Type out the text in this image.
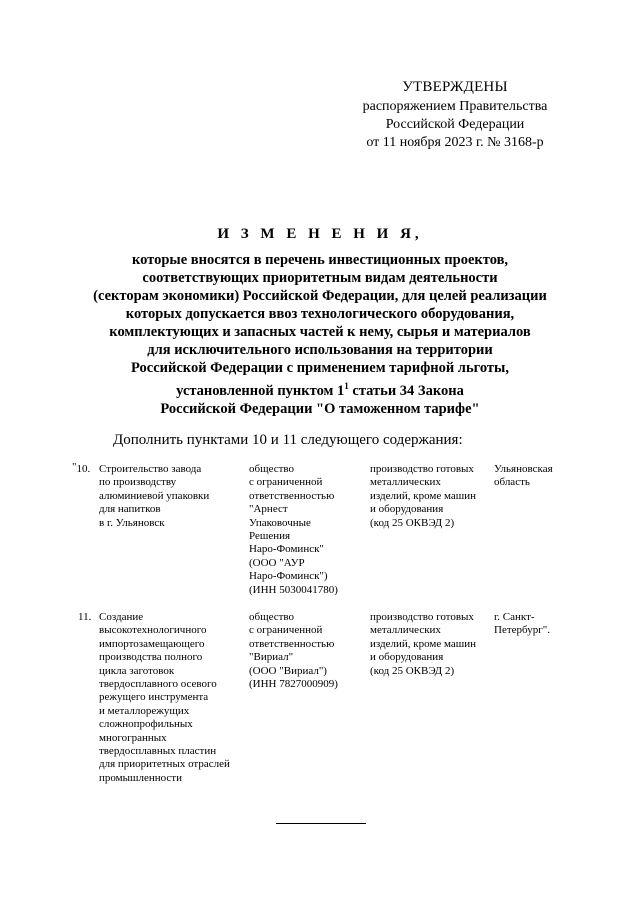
УТВЕРЖДЕНЫ
распоряжением Правительства
Российской Федерации
от 11 ноября 2023 г. № 3168-р
И З М Е Н Е Н И Я,
которые вносятся в перечень инвестиционных проектов,
соответствующих приоритетным видам деятельности
(секторам экономики) Российской Федерации, для целей реализации
которых допускается ввоз технологического оборудования,
комплектующих и запасных частей к нему, сырья и материалов
для исключительного использования на территории
Российской Федерации с применением тарифной льготы,
установленной пунктом $1^1$ статьи 34 Закона
Российской Федерации "О таможенном тарифе"
Дополнить пунктами 10 и 11 следующего содержания:
"10. Строительство завода
по производству
алюминиевой упаковки
для напитков
в г. Ульяновск
общество
с ограниченной
ответственностью
"Арнест
Упаковочные
Решения
Наро-Фоминск"
(ООО "АУР
Наро-Фоминск")
(ИНН 5030041780)
производство готовых
металлических
изделий, кроме машин
и оборудования
(код 25 ОКВЭД 2)
Ульяновская
область
11. Создание
высокотехнологичного
импортозамещающего
производства полного
цикла заготовок
твердосплавного осевого
режущего инструмента
и металлорежущих
сложнопрофильных
многогранных
твердосплавных пластин
для приоритетных отраслей
промышленности
общество
с ограниченной
ответственностью
"Вириал"
(ООО "Вириал")
(ИНН 7827000909)
производство готовых
металлических
изделий, кроме машин
и оборудования
(код 25 ОКВЭД 2)
г. Санкт-
Петербург".
